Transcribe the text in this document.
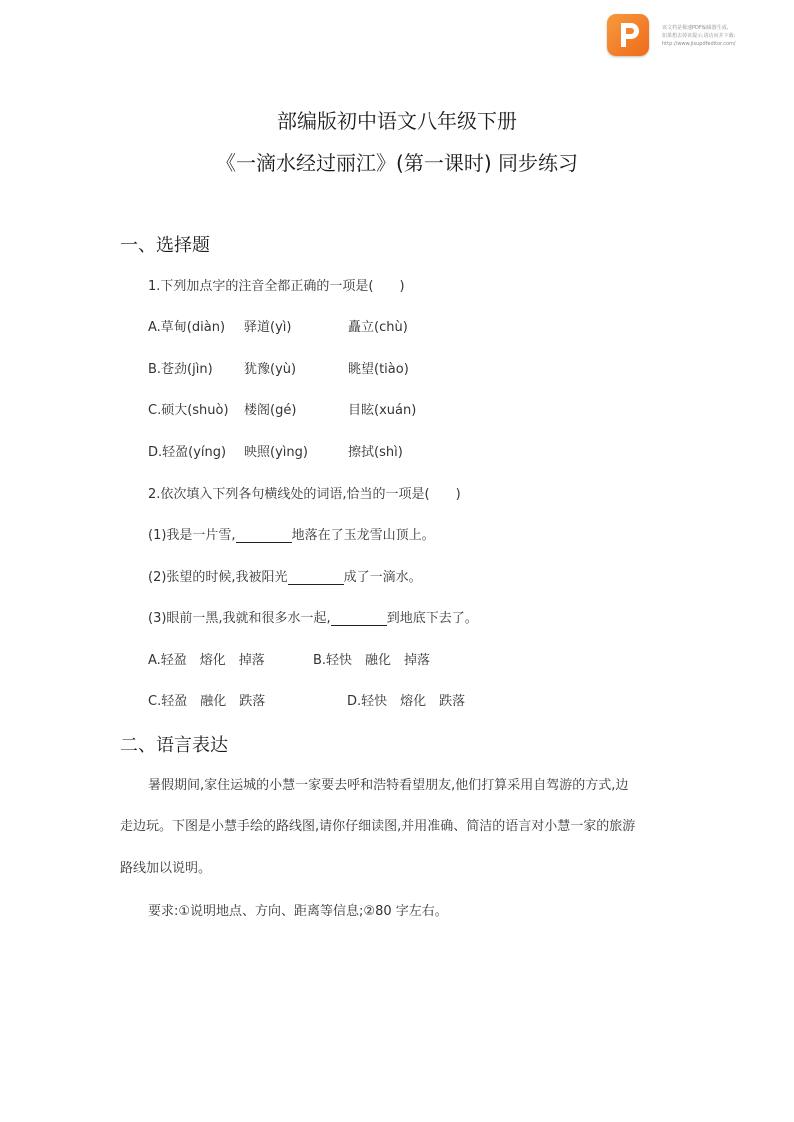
该文档是极速PDF编辑器生成,
如果想去掉该提示,请访问并下载:
http://www.jisupdfeditor.com/
部编版初中语文八年级下册
《一滴水经过丽江》(第一课时) 同步练习
一、选择题
1.下列加点字的注音全都正确的一项是(　　)
A.草甸(diàn) 驿道(yì)	矗立(chù)
B.苍劲(jìn) 犹豫(yù)	眺望(tiào)
C.硕大(shuò) 楼阁(gé)	目眩(xuán)
D.轻盈(yíng) 映照(yìng)	擦拭(shì)
2.依次填入下列各句横线处的词语,恰当的一项是(　　)
(1)我是一片雪,	地落在了玉龙雪山顶上。
(2)张望的时候,我被阳光	成了一滴水。
(3)眼前一黑,我就和很多水一起,	到地底下去了。
A.轻盈　熔化　掉落	B.轻快　融化　掉落
C.轻盈　融化　跌落	D.轻快　熔化　跌落
二、语言表达
暑假期间,家住运城的小慧一家要去呼和浩特看望朋友,他们打算采用自驾游的方式,边
走边玩。下图是小慧手绘的路线图,请你仔细读图,并用准确、简洁的语言对小慧一家的旅游
路线加以说明。
要求:①说明地点、方向、距离等信息;②80 字左右。
